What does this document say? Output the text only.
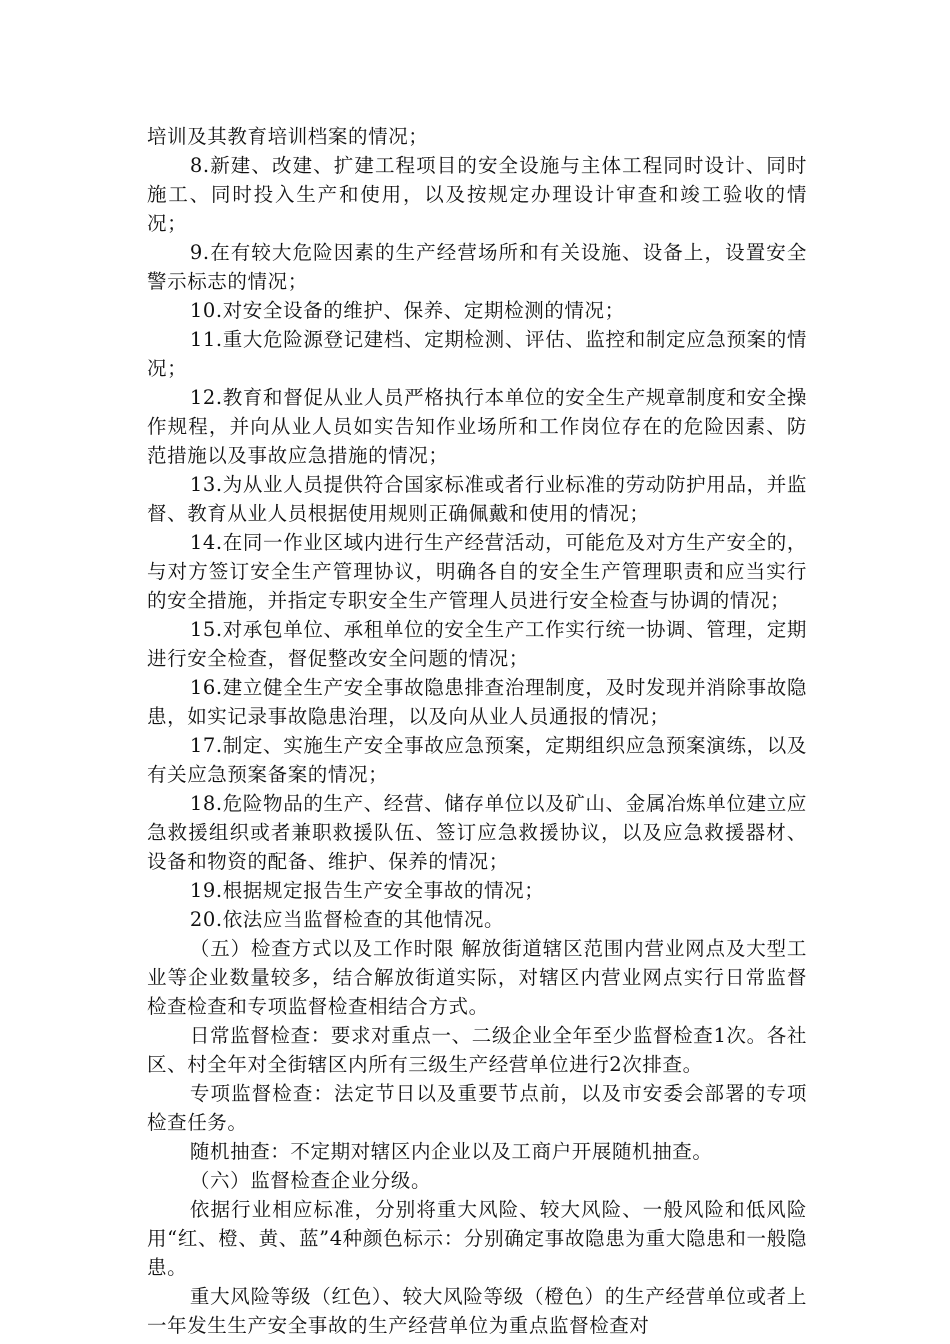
培训及其教育培训档案的情况；

8.新建、改建、扩建工程项目的安全设施与主体工程同时设计、同时施工、同时投入生产和使用，以及按规定办理设计审查和竣工验收的情况；

9.在有较大危险因素的生产经营场所和有关设施、设备上，设置安全警示标志的情况；

10.对安全设备的维护、保养、定期检测的情况；

11.重大危险源登记建档、定期检测、评估、监控和制定应急预案的情况；

12.教育和督促从业人员严格执行本单位的安全生产规章制度和安全操作规程，并向从业人员如实告知作业场所和工作岗位存在的危险因素、防范措施以及事故应急措施的情况；

13.为从业人员提供符合国家标准或者行业标准的劳动防护用品，并监督、教育从业人员根据使用规则正确佩戴和使用的情况；

14.在同一作业区域内进行生产经营活动，可能危及对方生产安全的，与对方签订安全生产管理协议，明确各自的安全生产管理职责和应当实行的安全措施，并指定专职安全生产管理人员进行安全检查与协调的情况；

15.对承包单位、承租单位的安全生产工作实行统一协调、管理，定期进行安全检查，督促整改安全问题的情况；

16.建立健全生产安全事故隐患排查治理制度，及时发现并消除事故隐患，如实记录事故隐患治理，以及向从业人员通报的情况；

17.制定、实施生产安全事故应急预案，定期组织应急预案演练，以及有关应急预案备案的情况；

18.危险物品的生产、经营、储存单位以及矿山、金属冶炼单位建立应急救援组织或者兼职救援队伍、签订应急救援协议，以及应急救援器材、设备和物资的配备、维护、保养的情况；

19.根据规定报告生产安全事故的情况；

20.依法应当监督检查的其他情况。

（五）检查方式以及工作时限 解放街道辖区范围内营业网点及大型工业等企业数量较多，结合解放街道实际，对辖区内营业网点实行日常监督检查检查和专项监督检查相结合方式。

日常监督检查：要求对重点一、二级企业全年至少监督检查1次。各社区、村全年对全街辖区内所有三级生产经营单位进行2次排查。

专项监督检查：法定节日以及重要节点前，以及市安委会部署的专项检查任务。

随机抽查：不定期对辖区内企业以及工商户开展随机抽查。

（六）监督检查企业分级。

依据行业相应标准，分别将重大风险、较大风险、一般风险和低风险用“红、橙、黄、蓝”4种颜色标示：分别确定事故隐患为重大隐患和一般隐患。

重大风险等级（红色）、较大风险等级（橙色）的生产经营单位或者上一年发生生产安全事故的生产经营单位为重点监督检查对
